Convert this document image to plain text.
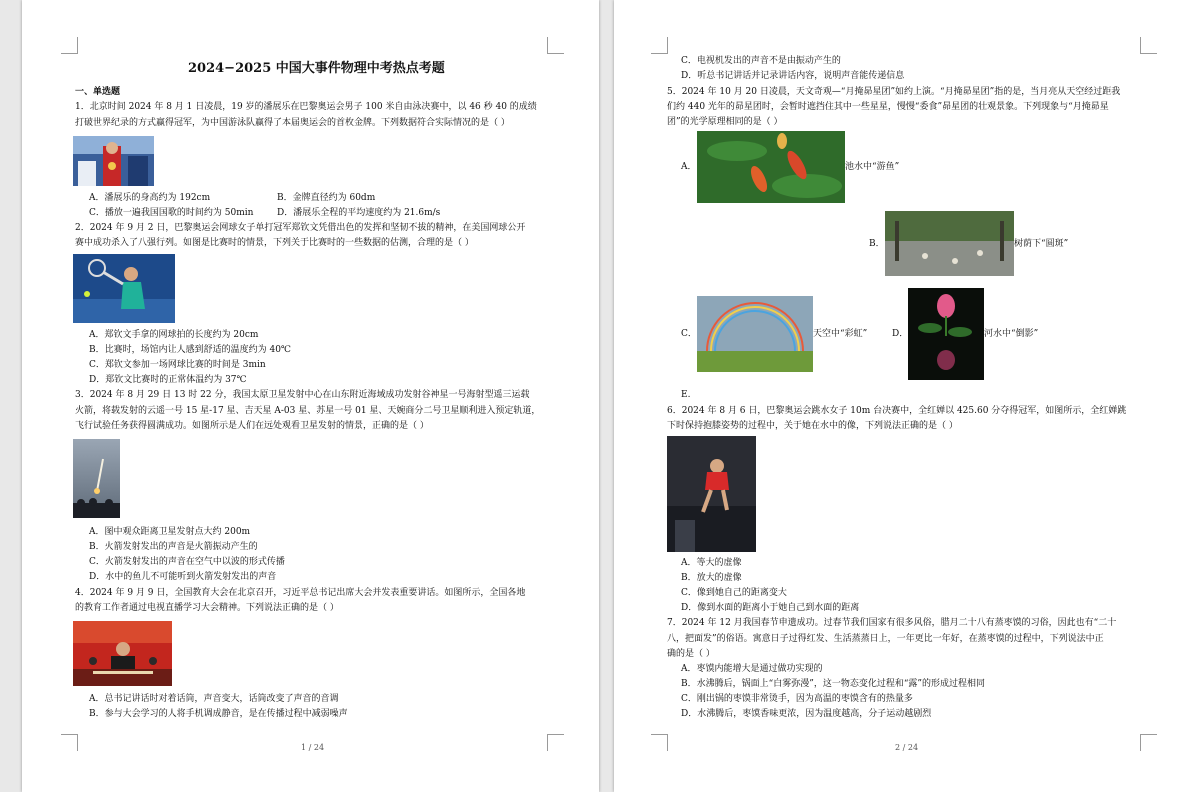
2024−2025 中国大事件物理中考热点考题
一、单选题
1．北京时间 2024 年 8 月 1 日凌晨，19 岁的潘展乐在巴黎奥运会男子 100 米自由泳决赛中，以 46 秒 40 的成绩
打破世界纪录的方式赢得冠军，为中国游泳队赢得了本届奥运会的首枚金牌。下列数据符合实际情况的是（ ）
A．潘展乐的身高约为 192cm	B．金牌直径约为 60dm
C．播放一遍我国国歌的时间约为 50min	D．潘展乐全程的平均速度约为 21.6m/s
2．2024 年 9 月 2 日，巴黎奥运会网球女子单打冠军郑钦文凭借出色的发挥和坚韧不拔的精神，在美国网球公开
赛中成功杀入了八强行列。如图是比赛时的情景，下列关于比赛时的一些数据的估测，合理的是（ ）
A．郑钦文手拿的网球拍的长度约为 20cm
B．比赛时，场馆内让人感到舒适的温度约为 40℃
C．郑钦文参加一场网球比赛的时间是 3min
D．郑钦文比赛时的正常体温约为 37℃
3．2024 年 8 月 29 日 13 时 22 分，我国太原卫星发射中心在山东附近海域成功发射谷神星一号海射型遥三运载
火箭，将载发射的云遥一号 15 星-17 星、吉天星 A-03 星、苏星一号 01 星、天婉商分二号卫星顺利进入预定轨道，
飞行试验任务获得圆满成功。如图所示是人们在远处观看卫星发射的情景，正确的是（ ）
A．图中观众距离卫星发射点大约 200m
B．火箭发射发出的声音是火箭振动产生的
C．火箭发射发出的声音在空气中以波的形式传播
D．水中的鱼儿不可能听到火箭发射发出的声音
4．2024 年 9 月 9 日，全国教育大会在北京召开，习近平总书记出席大会并发表重要讲话。如图所示，全国各地
的教育工作者通过电视直播学习大会精神。下列说法正确的是（ ）
A．总书记讲话时对着话筒，声音变大，话筒改变了声音的音调
B．参与大会学习的人将手机调成静音，是在传播过程中减弱噪声
1 / 24
C．电视机发出的声音不是由振动产生的
D．听总书记讲话并记录讲话内容，说明声音能传递信息
5．2024 年 10 月 20 日凌晨，天文奇观—“月掩昴星团”如约上演。“月掩昴星团”指的是，当月亮从天空经过距我
们约 440 光年的昴星团时，会暂时遮挡住其中一些星星，慢慢“委食”昴星团的壮观景象。下列现象与“月掩昴星
团”的光学原理相同的是（ ）
A．	池水中“游鱼”
B．	树荫下“圆斑”
C．	天空中“彩虹”	D．	河水中“倒影”
E.
6．2024 年 8 月 6 日，巴黎奥运会跳水女子 10m 台决赛中，全红婵以 425.60 分夺得冠军，如图所示，全红婵跳
下时保持抱膝姿势的过程中，关于她在水中的像，下列说法正确的是（ ）
A．等大的虚像
B．放大的虚像
C．像到她自己的距离变大
D．像到水面的距离小于她自己到水面的距离
7．2024 年 12 月我国春节申遗成功。过春节我们国家有很多风俗，腊月二十八有蒸枣馍的习俗，因此也有“二十
八，把面发”的俗语。寓意日子过得红发、生活蒸蒸日上，一年更比一年好，在蒸枣馍的过程中，下列说法中正
确的是（ ）
A．枣馍内能增大是通过做功实现的
B．水沸腾后，锅面上“白雾弥漫”，这一物态变化过程和“露”的形成过程相同
C．刚出锅的枣馍非常烫手，因为高温的枣馍含有的热量多
D．水沸腾后，枣馍香味更浓，因为温度越高，分子运动越剧烈
2 / 24
